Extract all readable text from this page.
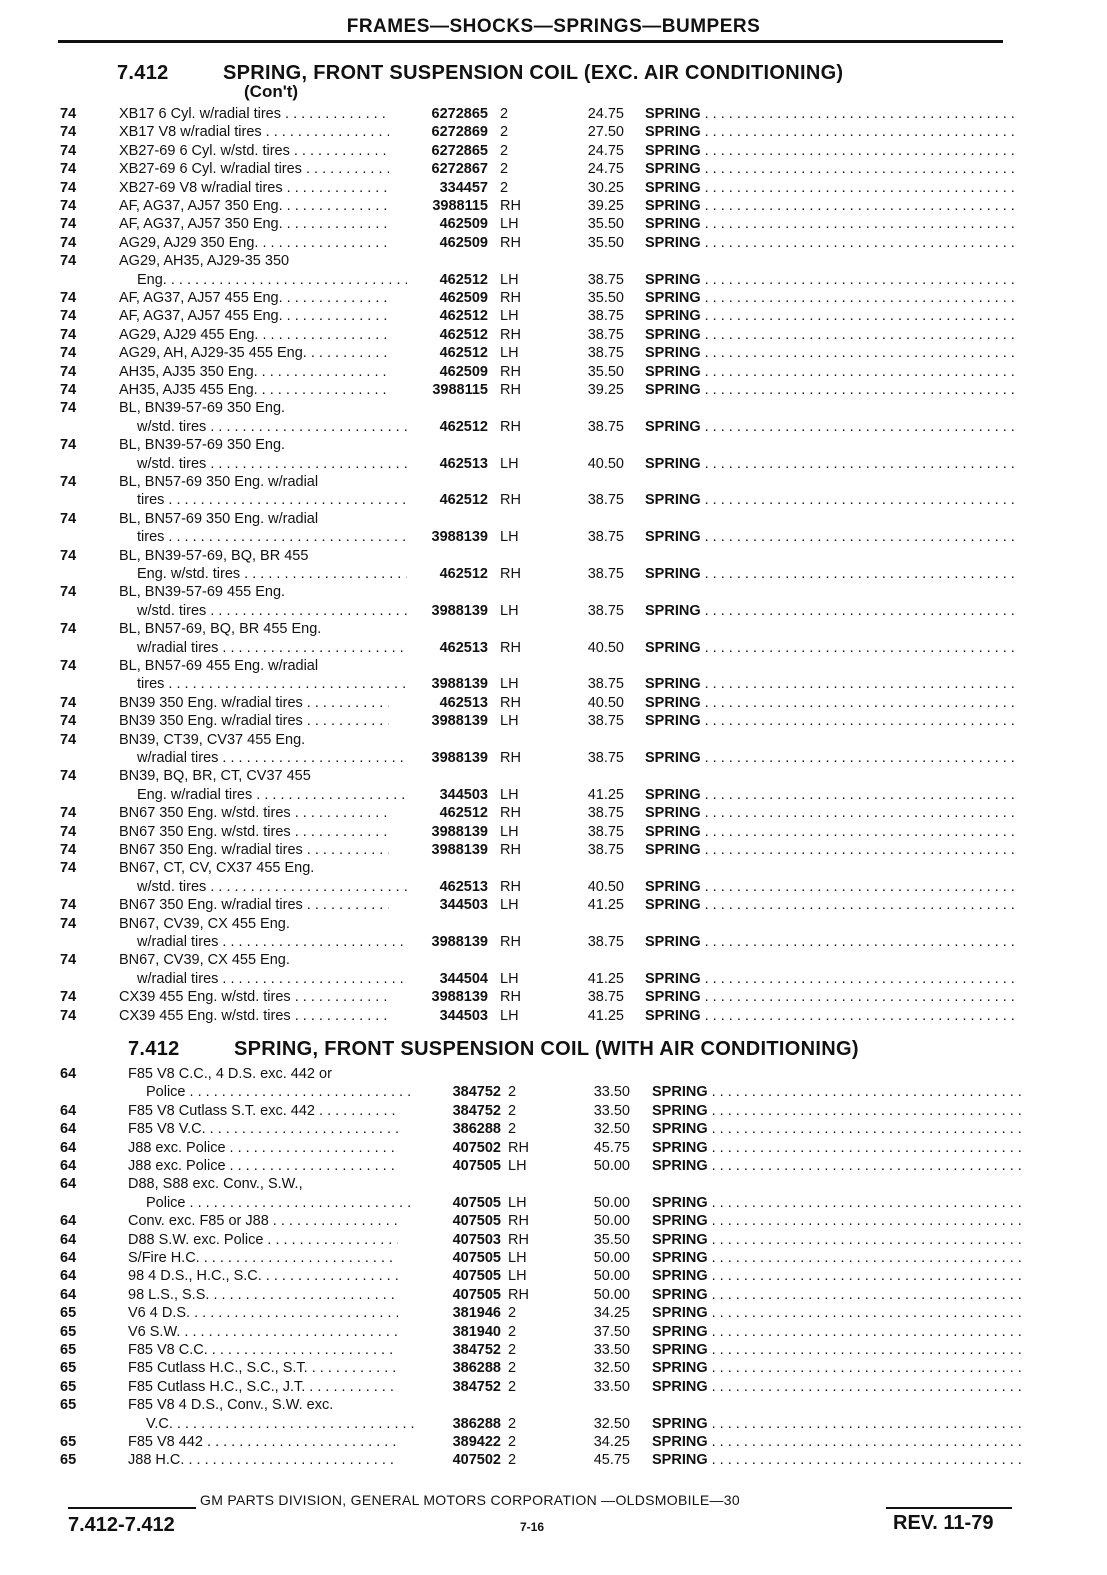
FRAMES—SHOCKS—SPRINGS—BUMPERS
7.412	SPRING, FRONT SUSPENSION COIL (EXC. AIR CONDITIONING)
(Con't)
7.412	SPRING, FRONT SUSPENSION COIL (WITH AIR CONDITIONING)
74	XB17 6 Cyl. w/radial tires . . .	6272865 2	24.75 SPRING . . .
74	XB17 V8 w/radial tires . . .	6272869 2	27.50 SPRING . . .
74	XB27-69 6 Cyl. w/std. tires . . .	6272865 2	24.75 SPRING . . .
74	XB27-69 6 Cyl. w/radial tires . . .	6272867 2	24.75 SPRING . . .
74	XB27-69 V8 w/radial tires . . .	334457 2	30.25 SPRING . . .
74	AF, AG37, AJ57 350 Eng. . . .	3988115 RH	39.25 SPRING . . .
74	AF, AG37, AJ57 350 Eng. . . .	462509 LH	35.50 SPRING . . .
74	AG29, AJ29 350 Eng. . . .	462509 RH	35.50 SPRING . . .
74	AG29, AH35, AJ29-35 350
Eng. . . .	462512 LH	38.75 SPRING . . .
74	AF, AG37, AJ57 455 Eng. . . .	462509 RH	35.50 SPRING . . .
74	AF, AG37, AJ57 455 Eng. . . .	462512 LH	38.75 SPRING . . .
74	AG29, AJ29 455 Eng. . . .	462512 RH	38.75 SPRING . . .
74	AG29, AH, AJ29-35 455 Eng. . . .	462512 LH	38.75 SPRING . . .
74	AH35, AJ35 350 Eng. . . .	462509 RH	35.50 SPRING . . .
74	AH35, AJ35 455 Eng. . . .	3988115 RH	39.25 SPRING . . .
74	BL, BN39-57-69 350 Eng.
w/std. tires . . .	462512 RH	38.75 SPRING . . .
74	BL, BN39-57-69 350 Eng.
w/std. tires . . .	462513 LH	40.50 SPRING . . .
74	BL, BN57-69 350 Eng. w/radial
tires . . .	462512 RH	38.75 SPRING . . .
74	BL, BN57-69 350 Eng. w/radial
tires . . .	3988139 LH	38.75 SPRING . . .
74	BL, BN39-57-69, BQ, BR 455
Eng. w/std. tires . . .	462512 RH	38.75 SPRING . . .
74	BL, BN39-57-69 455 Eng.
w/std. tires . . .	3988139 LH	38.75 SPRING . . .
74	BL, BN57-69, BQ, BR 455 Eng.
w/radial tires . . .	462513 RH	40.50 SPRING . . .
74	BL, BN57-69 455 Eng. w/radial
tires . . .	3988139 LH	38.75 SPRING . . .
74	BN39 350 Eng. w/radial tires . . .	462513 RH	40.50 SPRING . . .
74	BN39 350 Eng. w/radial tires . . .	3988139 LH	38.75 SPRING . . .
74	BN39, CT39, CV37 455 Eng.
w/radial tires . . .	3988139 RH	38.75 SPRING . . .
74	BN39, BQ, BR, CT, CV37 455
Eng. w/radial tires . . .	344503 LH	41.25 SPRING . . .
74	BN67 350 Eng. w/std. tires . . .	462512 RH	38.75 SPRING . . .
74	BN67 350 Eng. w/std. tires . . .	3988139 LH	38.75 SPRING . . .
74	BN67 350 Eng. w/radial tires . . .	3988139 RH	38.75 SPRING . . .
74	BN67, CT, CV, CX37 455 Eng.
w/std. tires . . .	462513 RH	40.50 SPRING . . .
74	BN67 350 Eng. w/radial tires . . .	344503 LH	41.25 SPRING . . .
74	BN67, CV39, CX 455 Eng.
w/radial tires . . .	3988139 RH	38.75 SPRING . . .
74	BN67, CV39, CX 455 Eng.
w/radial tires . . .	344504 LH	41.25 SPRING . . .
74	CX39 455 Eng. w/std. tires . . .	3988139 RH	38.75 SPRING . . .
74	CX39 455 Eng. w/std. tires . . .	344503 LH	41.25 SPRING . . .
64	F85 V8 C.C., 4 D.S. exc. 442 or
Police . . .	384752 2	33.50 SPRING . . .
64	F85 V8 Cutlass S.T. exc. 442 . . .	384752 2	33.50 SPRING . . .
64	F85 V8 V.C. . . .	386288 2	32.50 SPRING . . .
64	J88 exc. Police . . .	407502 RH	45.75 SPRING . . .
64	J88 exc. Police . . .	407505 LH	50.00 SPRING . . .
64	D88, S88 exc. Conv., S.W.,
Police . . .	407505 LH	50.00 SPRING . . .
64	Conv. exc. F85 or J88 . . .	407505 RH	50.00 SPRING . . .
64	D88 S.W. exc. Police . . .	407503 RH	35.50 SPRING . . .
64	S/Fire H.C. . . .	407505 LH	50.00 SPRING . . .
64	98 4 D.S., H.C., S.C. . . .	407505 LH	50.00 SPRING . . .
64	98 L.S., S.S. . . .	407505 RH	50.00 SPRING . . .
65	V6 4 D.S. . . .	381946 2	34.25 SPRING . . .
65	V6 S.W. . . .	381940 2	37.50 SPRING . . .
65	F85 V8 C.C. . . .	384752 2	33.50 SPRING . . .
65	F85 Cutlass H.C., S.C., S.T. . . .	386288 2	32.50 SPRING . . .
65	F85 Cutlass H.C., S.C., J.T. . . .	384752 2	33.50 SPRING . . .
65	F85 V8 4 D.S., Conv., S.W. exc.
V.C. . . .	386288 2	32.50 SPRING . . .
65	F85 V8 442 . . .	389422 2	34.25 SPRING . . .
65	J88 H.C. . . .	407502 2	45.75 SPRING . . .
GM PARTS DIVISION, GENERAL MOTORS CORPORATION —OLDSMOBILE—30
7.412-7.412	7-16	REV. 11-79
